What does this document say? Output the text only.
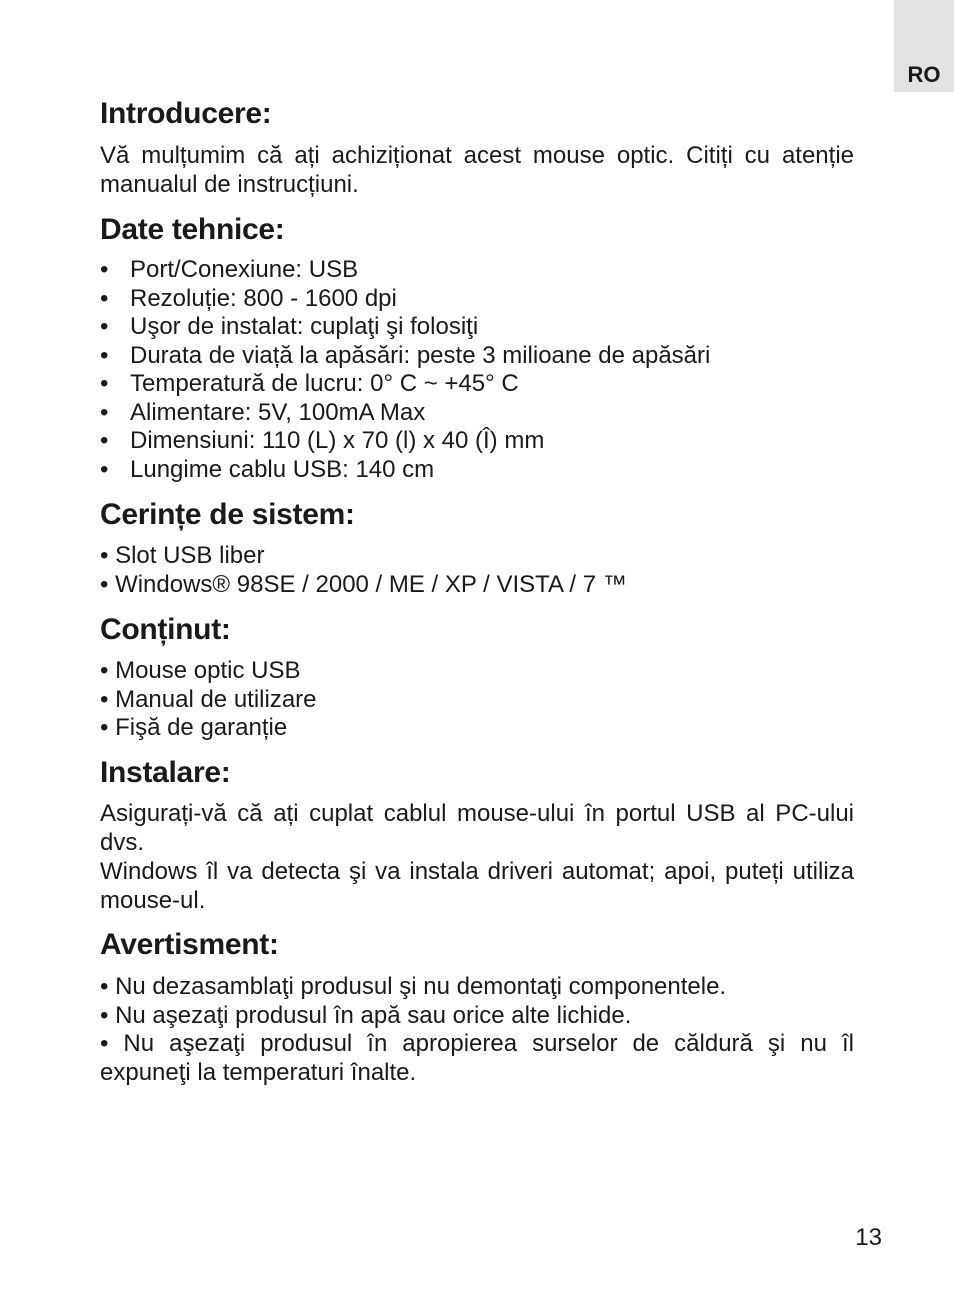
RO
Introducere:

Vă mulțumim că ați achiziționat acest mouse optic. Citiți cu atenție manualul de instrucțiuni.

Date tehnice:
• Port/Conexiune: USB
• Rezoluție: 800 - 1600 dpi
• Uşor de instalat: cuplaţi şi folosiţi
• Durata de viață la apăsări: peste 3 milioane de apăsări
• Temperatură de lucru: 0° C ~ +45° C
• Alimentare: 5V, 100mA Max
• Dimensiuni: 110 (L) x 70 (l) x 40 (Î) mm
• Lungime cablu USB: 140 cm
Cerințe de sistem:
• Slot USB liber
• Windows® 98SE / 2000 / ME / XP / VISTA / 7 ™
Conținut:
• Mouse optic USB
• Manual de utilizare
• Fişă de garanție
Instalare:

Asigurați-vă că ați cuplat cablul mouse-ului în portul USB al PC-ului dvs.

Windows îl va detecta şi va instala driveri automat; apoi, puteți utiliza mouse-ul.

Avertisment:
• Nu dezasamblaţi produsul şi nu demontaţi componentele.
• Nu aşezaţi produsul în apă sau orice alte lichide.
• Nu aşezaţi produsul în apropierea surselor de căldură şi nu îl expuneţi la temperaturi înalte.
13
